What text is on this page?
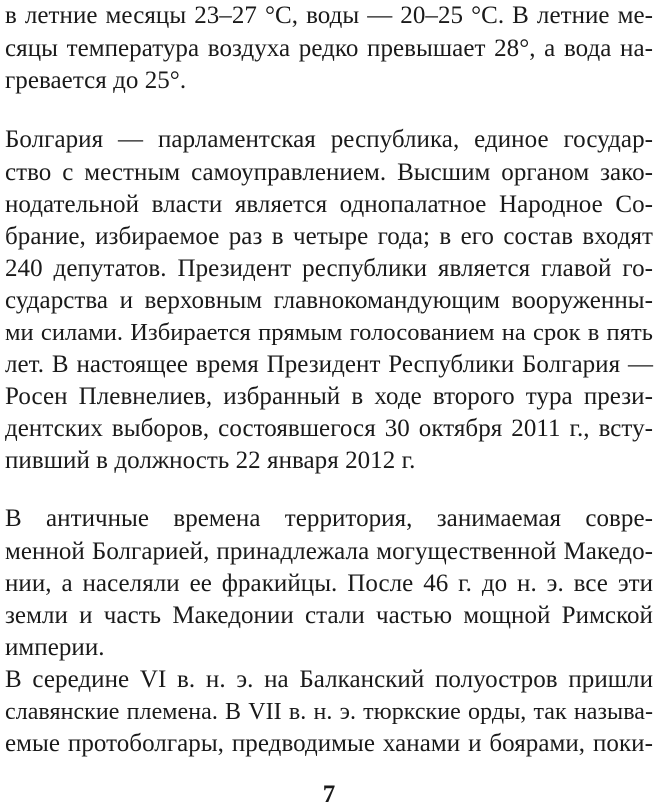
в летние месяцы 23–27 °С, воды — 20–25 °С. В летние ме-
сяцы температура воздуха редко превышает 28°, а вода на-
гревается до 25°.
Болгария — парламентская республика, единое государ-
ство с местным самоуправлением. Высшим органом зако-
нодательной власти является однопалатное Народное Со-
брание, избираемое раз в четыре года; в его состав входят
240 депутатов. Президент республики является главой го-
сударства и верховным главнокомандующим вооруженны-
ми силами. Избирается прямым голосованием на срок в пять
лет. В настоящее время Президент Республики Болгария —
Росен Плевнелиев, избранный в ходе второго тура прези-
дентских выборов, состоявшегося 30 октября 2011 г., всту-
пивший в должность 22 января 2012 г.
В античные времена территория, занимаемая совре-
менной Болгарией, принадлежала могущественной Македо-
нии, а населяли ее фракийцы. После 46 г. до н. э. все эти
земли и часть Македонии стали частью мощной Римской
империи.
В середине VI в. н. э. на Балканский полуостров пришли
славянские племена. В VII в. н. э. тюркские орды, так называ-
емые протоболгары, предводимые ханами и боярами, поки-
7
